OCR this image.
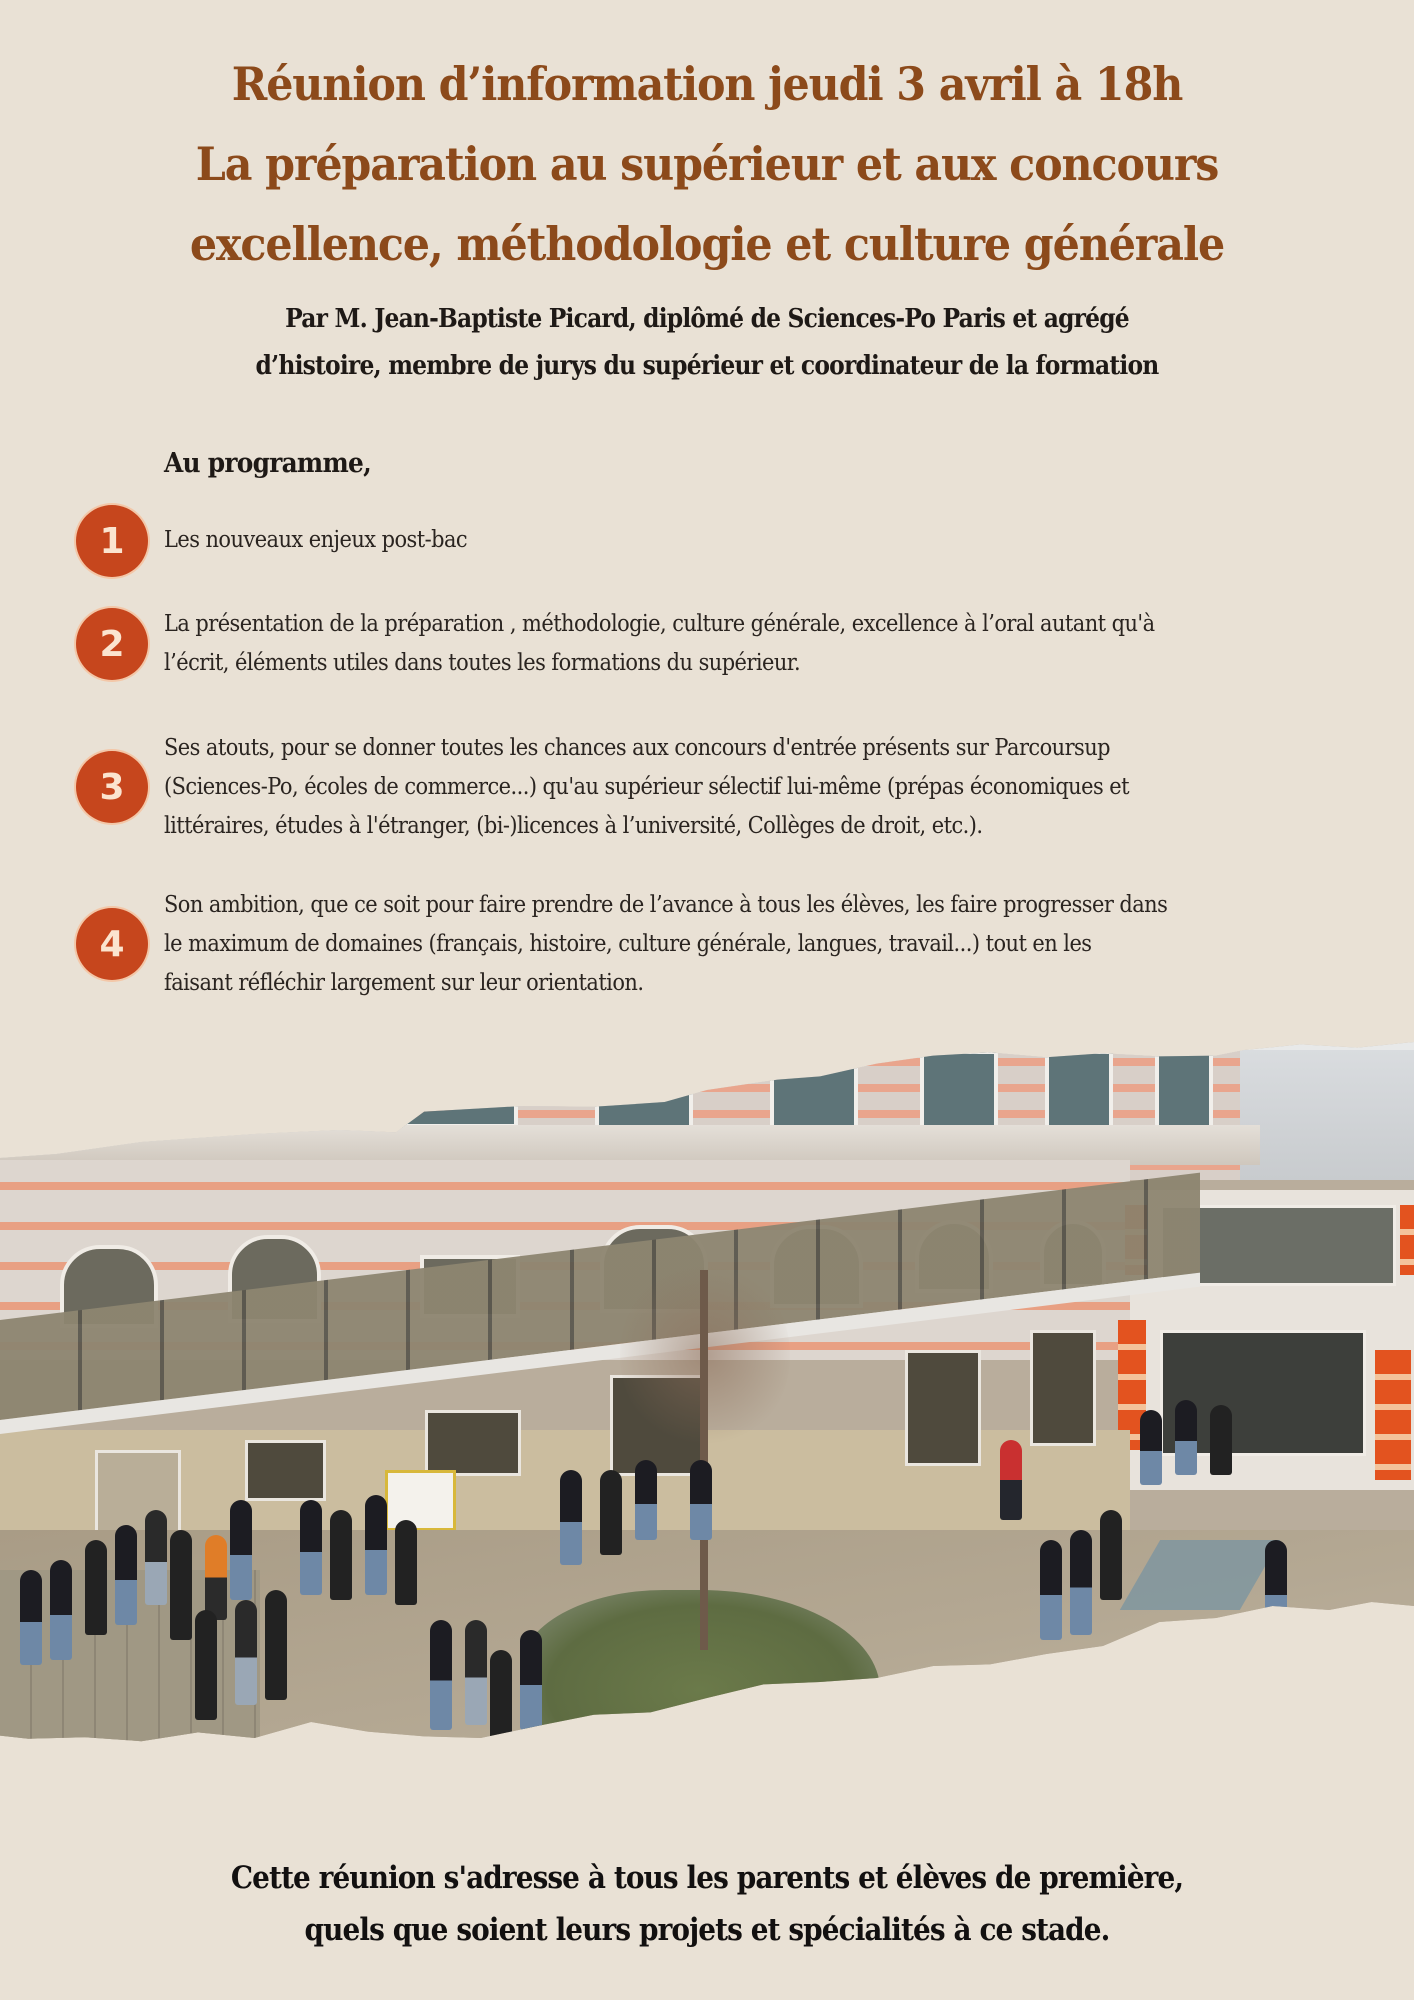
Réunion d’information jeudi 3 avril à 18h
La préparation au supérieur et aux concours
excellence, méthodologie et culture générale
Par M. Jean-Baptiste Picard, diplômé de Sciences-Po Paris et agrégé
d’histoire, membre de jurys du supérieur et coordinateur de la formation
Au programme,
1	Les nouveaux enjeux post-bac
2	La présentation de la préparation , méthodologie, culture générale, excellence à l’oral autant qu'à
l’écrit, éléments utiles dans toutes les formations du supérieur.
3
Ses atouts, pour se donner toutes les chances aux concours d'entrée présents sur Parcoursup
(Sciences-Po, écoles de commerce...) qu'au supérieur sélectif lui-même (prépas économiques et
littéraires, études à l'étranger, (bi-)licences à l’université, Collèges de droit, etc.).
4
Son ambition, que ce soit pour faire prendre de l’avance à tous les élèves, les faire progresser dans
le maximum de domaines (français, histoire, culture générale, langues, travail...) tout en les
faisant réfléchir largement sur leur orientation.
Cette réunion s'adresse à tous les parents et élèves de première,
quels que soient leurs projets et spécialités à ce stade.
